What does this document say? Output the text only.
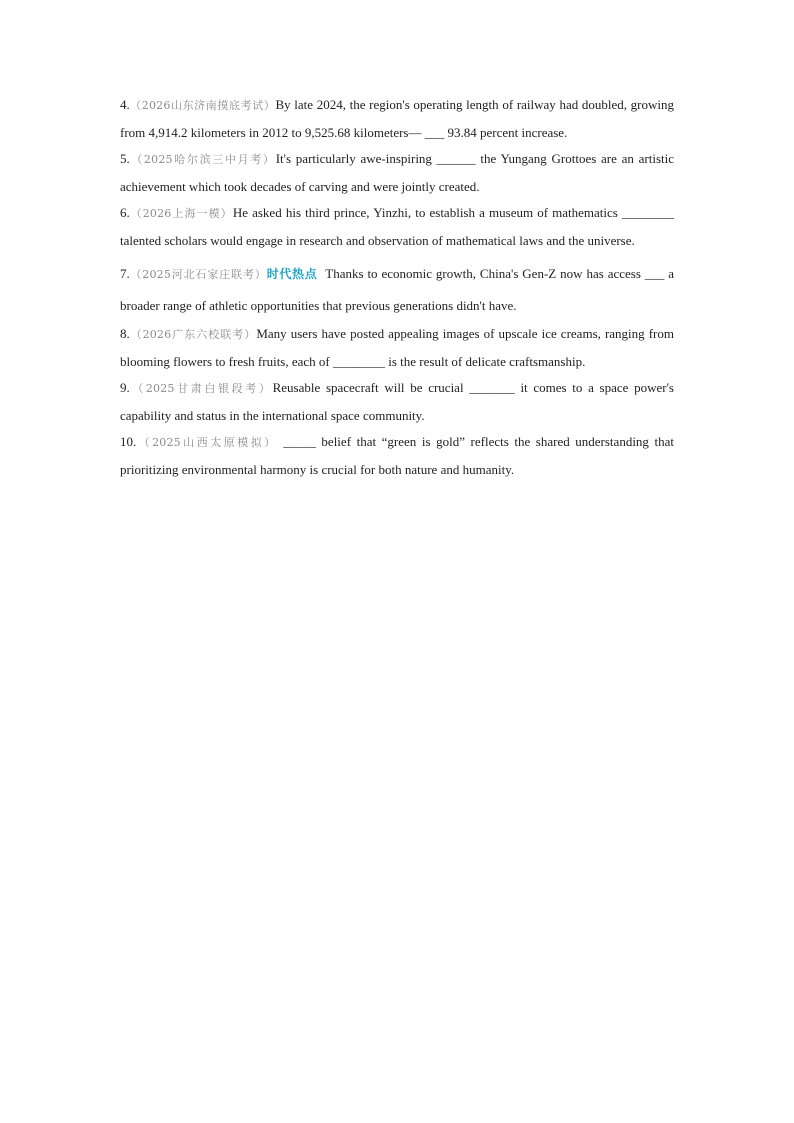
4.（2026山东济南摸底考试）By late 2024, the region's operating length of railway had doubled, growing from 4,914.2 kilometers in 2012 to 9,525.68 kilometers— ___ 93.84 percent increase.

5.（2025哈尔滨三中月考）It's particularly awe-inspiring ______ the Yungang Grottoes are an artistic achievement which took decades of carving and were jointly created.

6.（2026上海一模）He asked his third prince, Yinzhi, to establish a museum of mathematics ________ talented scholars would engage in research and observation of mathematical laws and the universe.

7.（2025河北石家庄联考）时代热点 Thanks to economic growth, China's Gen-Z now has access ___ a broader range of athletic opportunities that previous generations didn't have.

8.（2026广东六校联考）Many users have posted appealing images of upscale ice creams, ranging from blooming flowers to fresh fruits, each of ________ is the result of delicate craftsmanship.

9.（2025甘肃白银段考）Reusable spacecraft will be crucial _______ it comes to a space power's capability and status in the international space community.

10.（2025山西太原模拟） _____ belief that “green is gold” reflects the shared understanding that prioritizing environmental harmony is crucial for both nature and humanity.
